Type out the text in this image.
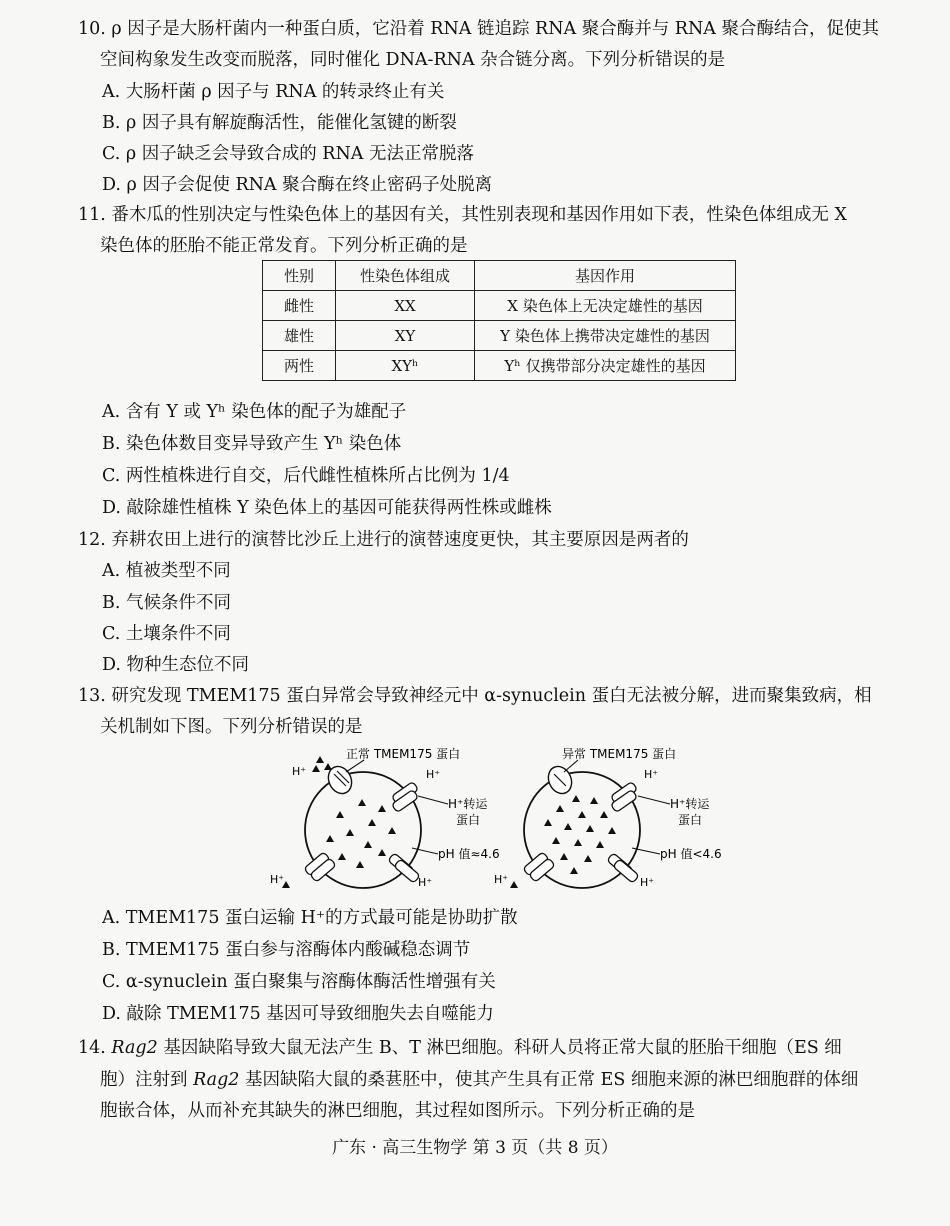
10. ρ 因子是大肠杆菌内一种蛋白质，它沿着 RNA 链追踪 RNA 聚合酶并与 RNA 聚合酶结合，促使其
空间构象发生改变而脱落，同时催化 DNA-RNA 杂合链分离。下列分析错误的是
A. 大肠杆菌 ρ 因子与 RNA 的转录终止有关
B. ρ 因子具有解旋酶活性，能催化氢键的断裂
C. ρ 因子缺乏会导致合成的 RNA 无法正常脱落
D. ρ 因子会促使 RNA 聚合酶在终止密码子处脱离
11. 番木瓜的性别决定与性染色体上的基因有关，其性别表现和基因作用如下表，性染色体组成无 X
染色体的胚胎不能正常发育。下列分析正确的是
性别	性染色体组成	基因作用
雌性	XX	X 染色体上无决定雄性的基因
雄性	XY	Y 染色体上携带决定雄性的基因
两性	XYʰ	Yʰ 仅携带部分决定雄性的基因
A. 含有 Y 或 Yʰ 染色体的配子为雄配子
B. 染色体数目变异导致产生 Yʰ 染色体
C. 两性植株进行自交，后代雌性植株所占比例为 1/4
D. 敲除雄性植株 Y 染色体上的基因可能获得两性株或雌株
12. 弃耕农田上进行的演替比沙丘上进行的演替速度更快，其主要原因是两者的
A. 植被类型不同
B. 气候条件不同
C. 土壤条件不同
D. 物种生态位不同
13. 研究发现 TMEM175 蛋白异常会导致神经元中 α-synuclein 蛋白无法被分解，进而聚集致病，相
关机制如下图。下列分析错误的是
H⁺	H⁺
H⁺	H⁺
正常 TMEM175 蛋白
H⁺转运
蛋白
pH 值≈4.6
H⁺
H⁺	H⁺
异常 TMEM175 蛋白
H⁺转运
蛋白
pH 值<4.6
A. TMEM175 蛋白运输 H⁺的方式最可能是协助扩散
B. TMEM175 蛋白参与溶酶体内酸碱稳态调节
C. α-synuclein 蛋白聚集与溶酶体酶活性增强有关
D. 敲除 TMEM175 基因可导致细胞失去自噬能力
14. Rag2 基因缺陷导致大鼠无法产生 B、T 淋巴细胞。科研人员将正常大鼠的胚胎干细胞（ES 细
胞）注射到 Rag2 基因缺陷大鼠的桑葚胚中，使其产生具有正常 ES 细胞来源的淋巴细胞群的体细
胞嵌合体，从而补充其缺失的淋巴细胞，其过程如图所示。下列分析正确的是
广东 · 高三生物学 第 3 页（共 8 页）
